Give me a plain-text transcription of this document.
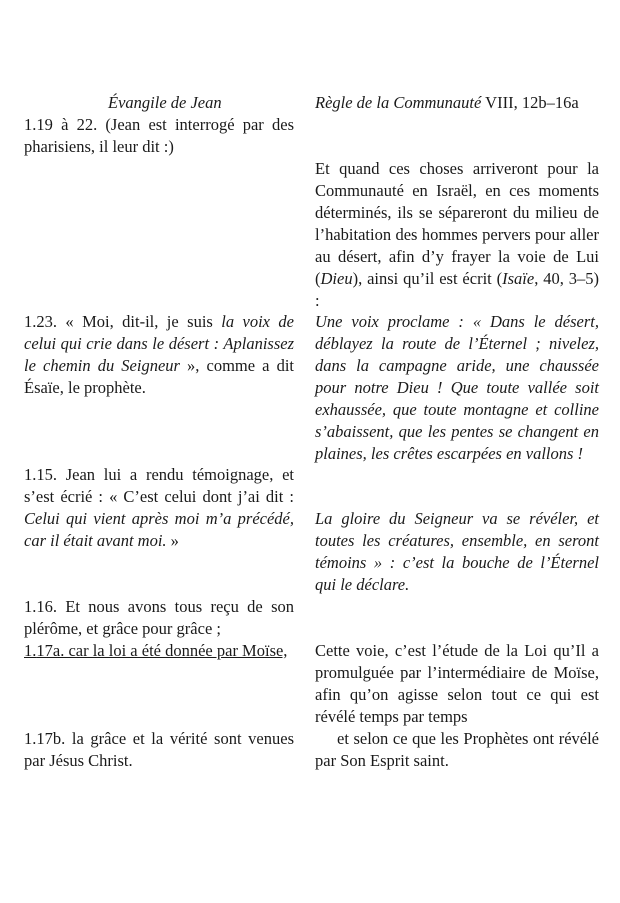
Évangile de Jean	Règle de la Communauté VIII, 12b–16a

1.19 à 22. (Jean est interrogé par des pharisiens, il leur dit :)

1.23. « Moi, dit-il, je suis la voix de celui qui crie dans le désert : Aplanissez le chemin du Seigneur », comme a dit Ésaïe, le prophète.

1.15. Jean lui a rendu témoignage, et s’est écrié : « C’est celui dont j’ai dit : Celui qui vient après moi m’a précédé, car il était avant moi. »

1.16. Et nous avons tous reçu de son plérôme, et grâce pour grâce ;

1.17a. car la loi a été donnée par Moïse,

1.17b. la grâce et la vérité sont venues par Jésus Christ.

Et quand ces choses arriveront pour la Communauté en Israël, en ces moments déterminés, ils se sépareront du milieu de l’habitation des hommes pervers pour aller au désert, afin d’y frayer la voie de Lui (Dieu), ainsi qu’il est écrit (Isaïe, 40, 3–5) :

Une voix proclame : « Dans le désert, déblayez la route de l’Éternel ; nivelez, dans la campagne aride, une chaussée pour notre Dieu ! Que toute vallée soit exhaussée, que toute montagne et colline s’abaissent, que les pentes se changent en plaines, les crêtes escarpées en vallons !

La gloire du Seigneur va se révéler, et toutes les créatures, ensemble, en seront témoins » : c’est la bouche de l’Éternel qui le déclare.

Cette voie, c’est l’étude de la Loi qu’Il a promulguée par l’intermédiaire de Moïse, afin qu’on agisse selon tout ce qui est révélé temps par temps

et selon ce que les Prophètes ont révélé par Son Esprit saint.
